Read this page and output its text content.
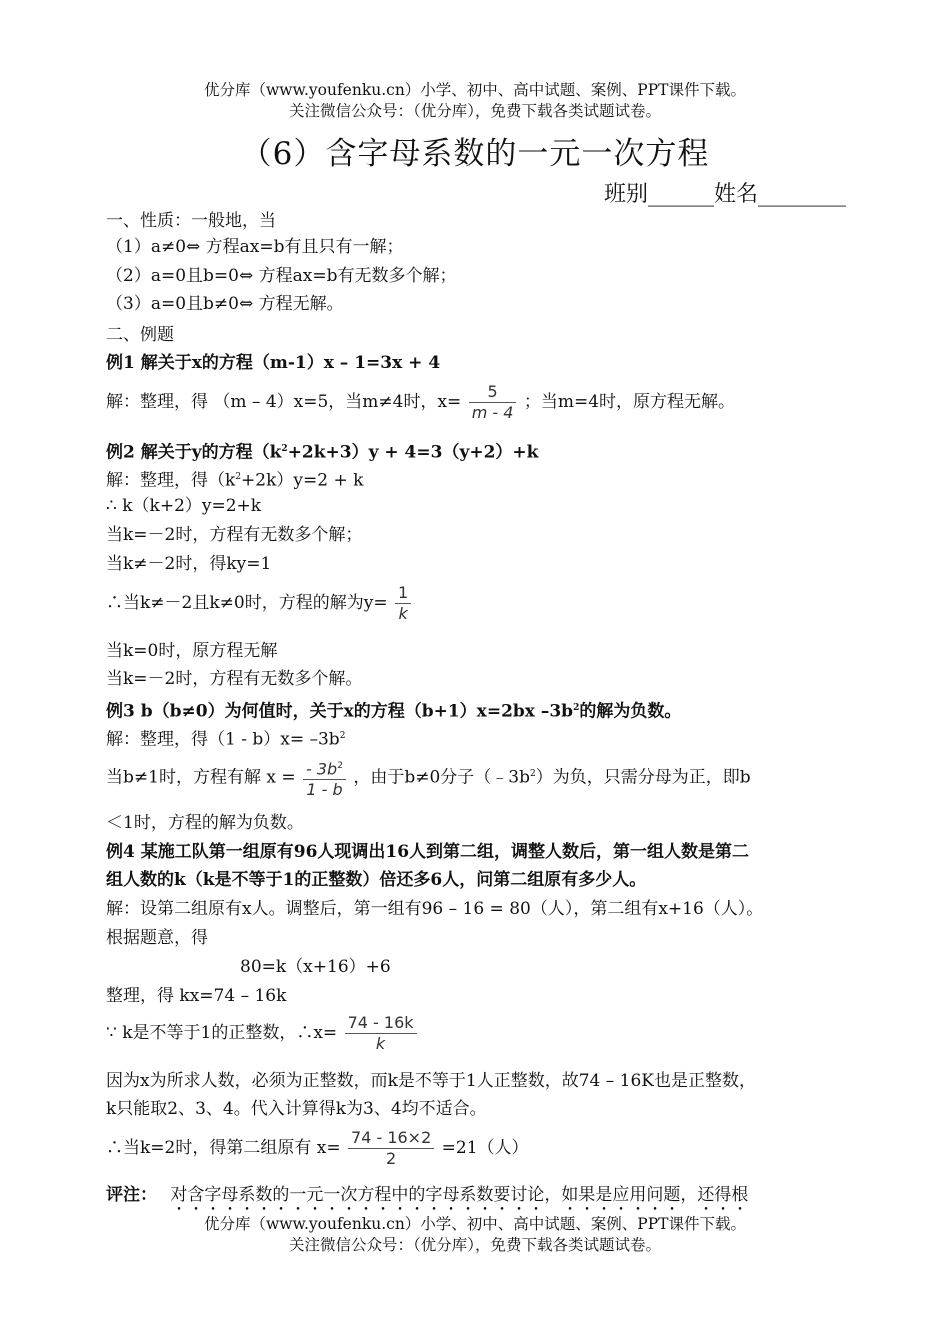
优分库（www.youfenku.cn）小学、初中、高中试题、案例、PPT课件下载。
关注微信公众号：（优分库），免费下载各类试题试卷。
（6）含字母系数的一元一次方程
班别______姓名________
一、性质：一般地，当
（1）a≠0⇔ 方程ax=b有且只有一解；
（2）a=0且b=0⇔ 方程ax=b有无数多个解；
（3）a=0且b≠0⇔ 方程无解。
二、例题
例1 解关于x的方程（m-1）x – 1=3x + 4
解：整理，得 （m – 4）x=5，当m≠4时，$x= \frac{5}{m - 4}$ ；当m=4时，原方程无解。
例2 解关于y的方程$(k^2+2k+3)y + 4=3(y+2)+k$
解：整理，得$(k^2+2k)y=2 + k$
∴ k（k+2）y=2+k
当k=－2时，方程有无数多个解；
当k≠－2时，得ky=1
∴当k≠－2且k≠0时，方程的解为$y= \frac{1}{k}$
当k=0时，原方程无解
当k=－2时，方程有无数多个解。
例3 b（b≠0）为何值时，关于x的方程（b+1）x=2bx $-3b^2$的解为负数。
解：整理，得$(1 - b)x= -3b^2$
当b≠1时，方程有解 $x = \frac{- 3b^2}{1 - b}$ ，由于b≠0分子$(﹣3b^2)$为负，只需分母为正，即b
＜1时，方程的解为负数。
例4 某施工队第一组原有96人现调出16人到第二组，调整人数后，第一组人数是第二
组人数的k（k是不等于1的正整数）倍还多6人，问第二组原有多少人。
解：设第二组原有x人。调整后，第一组有96 – 16 = 80（人），第二组有x+16（人）。
根据题意，得
80=k（x+16）+6
整理，得 kx=74 – 16k
∵ k是不等于1的正整数，∴x= $\frac{74 - 16k}{k}$
因为x为所求人数，必须为正整数，而k是不等于1人正整数，故74 – 16K也是正整数，
k只能取2、3、4。代入计算得k为3、4均不适合。
∴当k=2时，得第二组原有 $x= \frac{74 - 16\times 2}{2} =21$（人）
评注： 对含字母系数的一元一次方程中的字母系数要讨论，如果是应用问题，还得根
优分库（www.youfenku.cn）小学、初中、高中试题、案例、PPT课件下载。
关注微信公众号：（优分库），免费下载各类试题试卷。
